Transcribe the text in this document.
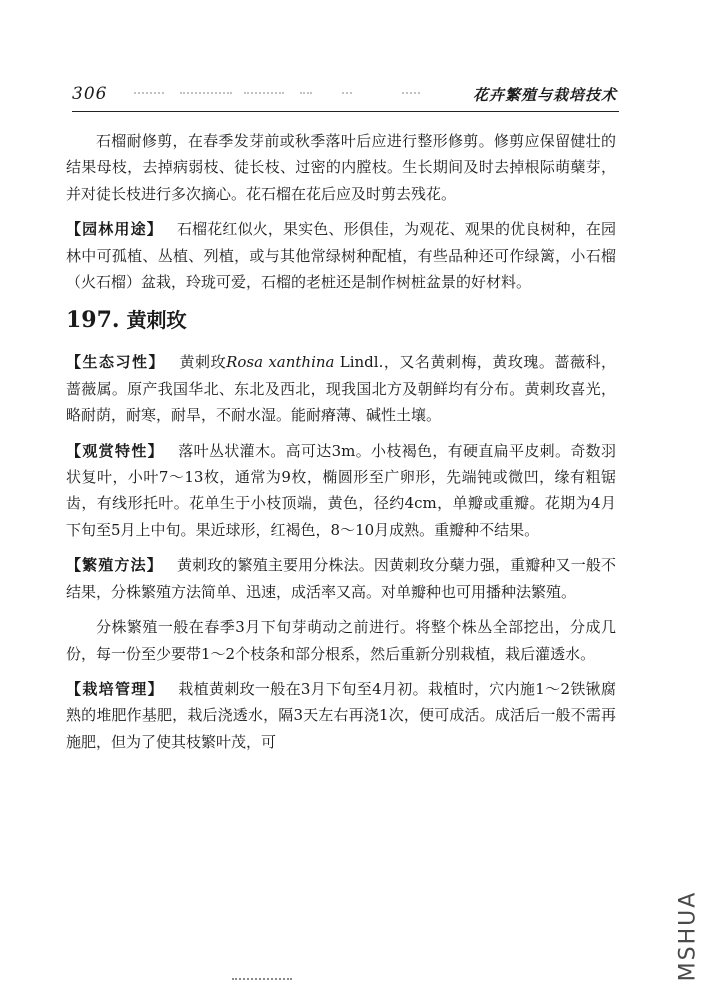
306	花卉繁殖与栽培技术

石榴耐修剪，在春季发芽前或秋季落叶后应进行整形修剪。修剪应保留健壮的结果母枝，去掉病弱枝、徒长枝、过密的内膛枝。生长期间及时去掉根际萌蘖芽，并对徒长枝进行多次摘心。花石榴在花后应及时剪去残花。

【园林用途】 石榴花红似火，果实色、形俱佳，为观花、观果的优良树种，在园林中可孤植、丛植、列植，或与其他常绿树种配植，有些品种还可作绿篱，小石榴（火石榴）盆栽，玲珑可爱，石榴的老桩还是制作树桩盆景的好材料。

197. 黄刺玫

【生态习性】 黄刺玫Rosa xanthina Lindl.，又名黄刺梅，黄玫瑰。蔷薇科，蔷薇属。原产我国华北、东北及西北，现我国北方及朝鲜均有分布。黄刺玫喜光，略耐荫，耐寒，耐旱，不耐水湿。能耐瘠薄、碱性土壤。

【观赏特性】 落叶丛状灌木。高可达3m。小枝褐色，有硬直扁平皮刺。奇数羽状复叶，小叶7～13枚，通常为9枚，椭圆形至广卵形，先端钝或微凹，缘有粗锯齿，有线形托叶。花单生于小枝顶端，黄色，径约4cm，单瓣或重瓣。花期为4月下旬至5月上中旬。果近球形，红褐色，8～10月成熟。重瓣种不结果。

【繁殖方法】 黄刺玫的繁殖主要用分株法。因黄刺玫分蘖力强，重瓣种又一般不结果，分株繁殖方法简单、迅速，成活率又高。对单瓣种也可用播种法繁殖。

分株繁殖一般在春季3月下旬芽萌动之前进行。将整个株丛全部挖出，分成几份，每一份至少要带1～2个枝条和部分根系，然后重新分别栽植，栽后灌透水。

【栽培管理】 栽植黄刺玫一般在3月下旬至4月初。栽植时，穴内施1～2铁锹腐熟的堆肥作基肥，栽后浇透水，隔3天左右再浇1次，便可成活。成活后一般不需再施肥，但为了使其枝繁叶茂，可

MSHUA
